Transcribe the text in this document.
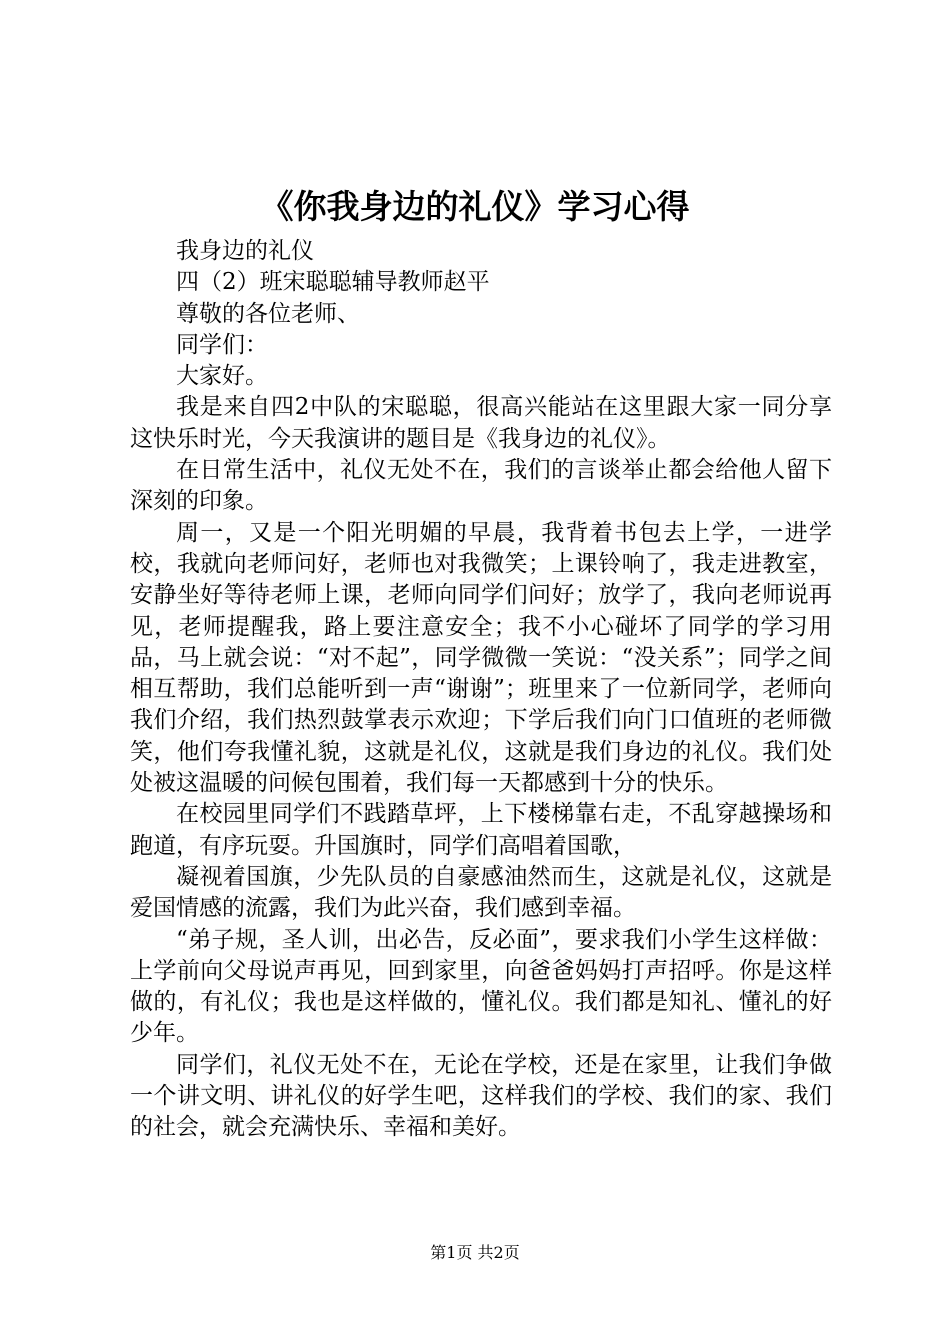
《你我身边的礼仪》学习心得

我身边的礼仪

四（2）班宋聪聪辅导教师赵平

尊敬的各位老师、

同学们：

大家好。

我是来自四2中队的宋聪聪，很高兴能站在这里跟大家一同分享这快乐时光，今天我演讲的题目是《我身边的礼仪》。

在日常生活中，礼仪无处不在，我们的言谈举止都会给他人留下深刻的印象。

周一，又是一个阳光明媚的早晨，我背着书包去上学，一进学校，我就向老师问好，老师也对我微笑；上课铃响了，我走进教室，安静坐好等待老师上课，老师向同学们问好；放学了，我向老师说再见，老师提醒我，路上要注意安全；我不小心碰坏了同学的学习用品，马上就会说：“对不起”，同学微微一笑说：“没关系”；同学之间相互帮助，我们总能听到一声“谢谢”；班里来了一位新同学，老师向我们介绍，我们热烈鼓掌表示欢迎；下学后我们向门口值班的老师微笑，他们夸我懂礼貌，这就是礼仪，这就是我们身边的礼仪。我们处处被这温暖的问候包围着，我们每一天都感到十分的快乐。

在校园里同学们不践踏草坪，上下楼梯靠右走，不乱穿越操场和跑道，有序玩耍。升国旗时，同学们高唱着国歌，

凝视着国旗，少先队员的自豪感油然而生，这就是礼仪，这就是爱国情感的流露，我们为此兴奋，我们感到幸福。

“弟子规，圣人训，出必告，反必面”，要求我们小学生这样做：上学前向父母说声再见，回到家里，向爸爸妈妈打声招呼。你是这样做的，有礼仪；我也是这样做的，懂礼仪。我们都是知礼、懂礼的好少年。

同学们，礼仪无处不在，无论在学校，还是在家里，让我们争做一个讲文明、讲礼仪的好学生吧，这样我们的学校、我们的家、我们的社会，就会充满快乐、幸福和美好。

第1页 共2页
